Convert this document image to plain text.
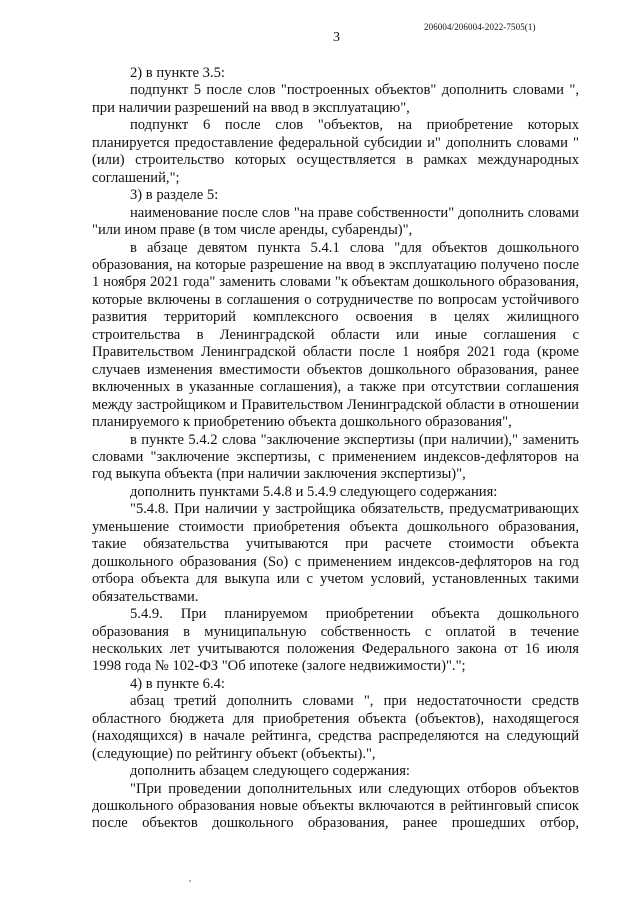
206004/206004-2022-7505(1)
3

2) в пункте 3.5:

подпункт 5 после слов "построенных объектов" дополнить словами ", при наличии разрешений на ввод в эксплуатацию",

подпункт 6 после слов "объектов, на приобретение которых планируется предоставление федеральной субсидии и" дополнить словами "(или) строительство которых осуществляется в рамках международных соглашений,";

3) в разделе 5:

наименование после слов "на праве собственности" дополнить словами "или ином праве (в том числе аренды, субаренды)",

в абзаце девятом пункта 5.4.1 слова "для объектов дошкольного образования, на которые разрешение на ввод в эксплуатацию получено после 1 ноября 2021 года" заменить словами "к объектам дошкольного образования, которые включены в соглашения о сотрудничестве по вопросам устойчивого развития территорий комплексного освоения в целях жилищного строительства в Ленинградской области или иные соглашения с Правительством Ленинградской области после 1 ноября 2021 года (кроме случаев изменения вместимости объектов дошкольного образования, ранее включенных в указанные соглашения), а также при отсутствии соглашения между застройщиком и Правительством Ленинградской области в отношении планируемого к приобретению объекта дошкольного образования",

в пункте 5.4.2 слова "заключение экспертизы (при наличии)," заменить словами "заключение экспертизы, с применением индексов-дефляторов на год выкупа объекта (при наличии заключения экспертизы)",

дополнить пунктами 5.4.8 и 5.4.9 следующего содержания:

"5.4.8. При наличии у застройщика обязательств, предусматривающих уменьшение стоимости приобретения объекта дошкольного образования, такие обязательства учитываются при расчете стоимости объекта дошкольного образования (So) с применением индексов-дефляторов на год отбора объекта для выкупа или с учетом условий, установленных такими обязательствами.

5.4.9. При планируемом приобретении объекта дошкольного образования в муниципальную собственность с оплатой в течение нескольких лет учитываются положения Федерального закона от 16 июля 1998 года № 102-ФЗ "Об ипотеке (залоге недвижимости)".";

4) в пункте 6.4:

абзац третий дополнить словами ", при недостаточности средств областного бюджета для приобретения объекта (объектов), находящегося (находящихся) в начале рейтинга, средства распределяются на следующий (следующие) по рейтингу объект (объекты).",

дополнить абзацем следующего содержания:

"При проведении дополнительных или следующих отборов объектов дошкольного образования новые объекты включаются в рейтинговый список после объектов дошкольного образования, ранее прошедших отбор,
